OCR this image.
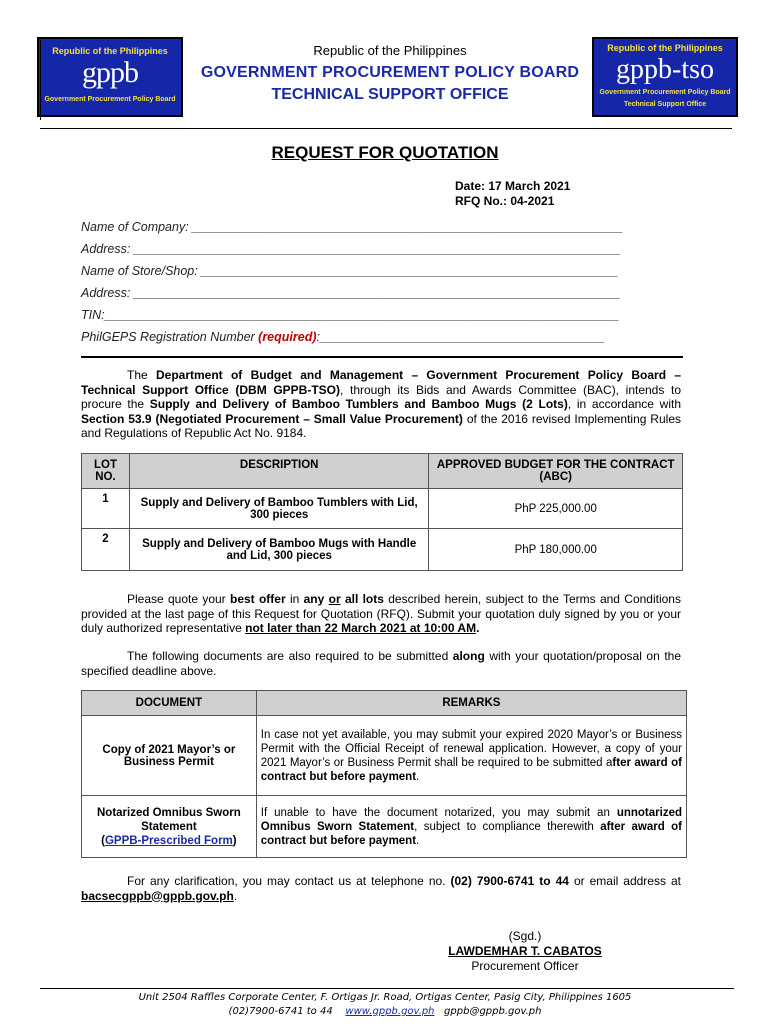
Republic of the Philippines
gppb
Government Procurement Policy Board
Republic of the Philippines
gppb-tso
Government Procurement Policy Board
Technical Support Office
Republic of the Philippines
GOVERNMENT PROCUREMENT POLICY BOARD
TECHNICAL SUPPORT OFFICE
REQUEST FOR QUOTATION
Date: 17 March 2021
RFQ No.: 04-2021
Name of Company: ______________________________________________________________
Address: ______________________________________________________________________
Name of Store/Shop: ____________________________________________________________
Address: ______________________________________________________________________
TIN:__________________________________________________________________________
PhilGEPS Registration Number (required):_________________________________________
The Department of Budget and Management – Government Procurement Policy Board – Technical Support Office (DBM GPPB-TSO), through its Bids and Awards Committee (BAC), intends to procure the Supply and Delivery of Bamboo Tumblers and Bamboo Mugs (2 Lots), in accordance with Section 53.9 (Negotiated Procurement – Small Value Procurement) of the 2016 revised Implementing Rules and Regulations of Republic Act No. 9184.
LOT NO.	DESCRIPTION	APPROVED BUDGET FOR THE CONTRACT (ABC)
1	Supply and Delivery of Bamboo Tumblers with Lid, 300 pieces	PhP 225,000.00
2	Supply and Delivery of Bamboo Mugs with Handle and Lid, 300 pieces	PhP 180,000.00
Please quote your best offer in any or all lots described herein, subject to the Terms and Conditions provided at the last page of this Request for Quotation (RFQ). Submit your quotation duly signed by you or your duly authorized representative not later than 22 March 2021 at 10:00 AM.
The following documents are also required to be submitted along with your quotation/proposal on the specified deadline above.
DOCUMENT	REMARKS
Copy of 2021 Mayor’s or Business Permit	In case not yet available, you may submit your expired 2020 Mayor’s or Business Permit with the Official Receipt of renewal application. However, a copy of your 2021 Mayor’s or Business Permit shall be required to be submitted after award of contract but before payment.
Notarized Omnibus Sworn Statement
(GPPB-Prescribed Form)	If unable to have the document notarized, you may submit an unnotarized Omnibus Sworn Statement, subject to compliance therewith after award of contract but before payment.
For any clarification, you may contact us at telephone no. (02) 7900-6741 to 44 or email address at bacsecgppb@gppb.gov.ph.
(Sgd.)
LAWDEMHAR T. CABATOS
Procurement Officer
Unit 2504 Raffles Corporate Center, F. Ortigas Jr. Road, Ortigas Center, Pasig City, Philippines 1605
(02)7900-6741 to 44 www.gppb.gov.ph gppb@gppb.gov.ph
